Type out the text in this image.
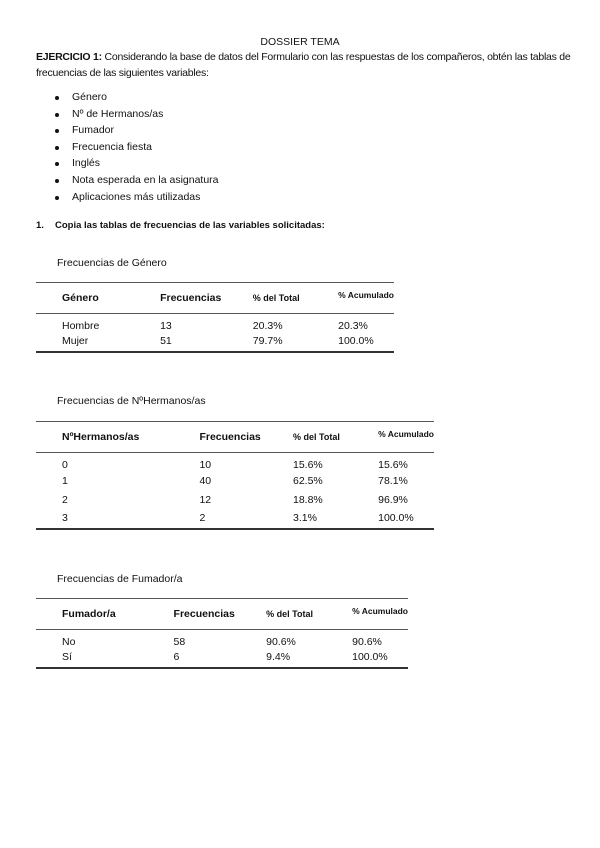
DOSSIER TEMA
EJERCICIO 1: Considerando la base de datos del Formulario con las respuestas de los compañeros, obtén las tablas de frecuencias de las siguientes variables:
Género
Nº de Hermanos/as
Fumador
Frecuencia fiesta
Inglés
Nota esperada en la asignatura
Aplicaciones más utilizadas
1. Copia las tablas de frecuencias de las variables solicitadas:
Frecuencias de Género
Género	Frecuencias	% del Total	% Acumulado
Hombre	13	20.3%	20.3%
Mujer	51	79.7%	100.0%
Frecuencias de NºHermanos/as
NºHermanos/as	Frecuencias	% del Total	% Acumulado
0	10	15.6%	15.6%
1	40	62.5%	78.1%
2	12	18.8%	96.9%
3	2	3.1%	100.0%
Frecuencias de Fumador/a
Fumador/a	Frecuencias	% del Total	% Acumulado
No	58	90.6%	90.6%
Sí	6	9.4%	100.0%
